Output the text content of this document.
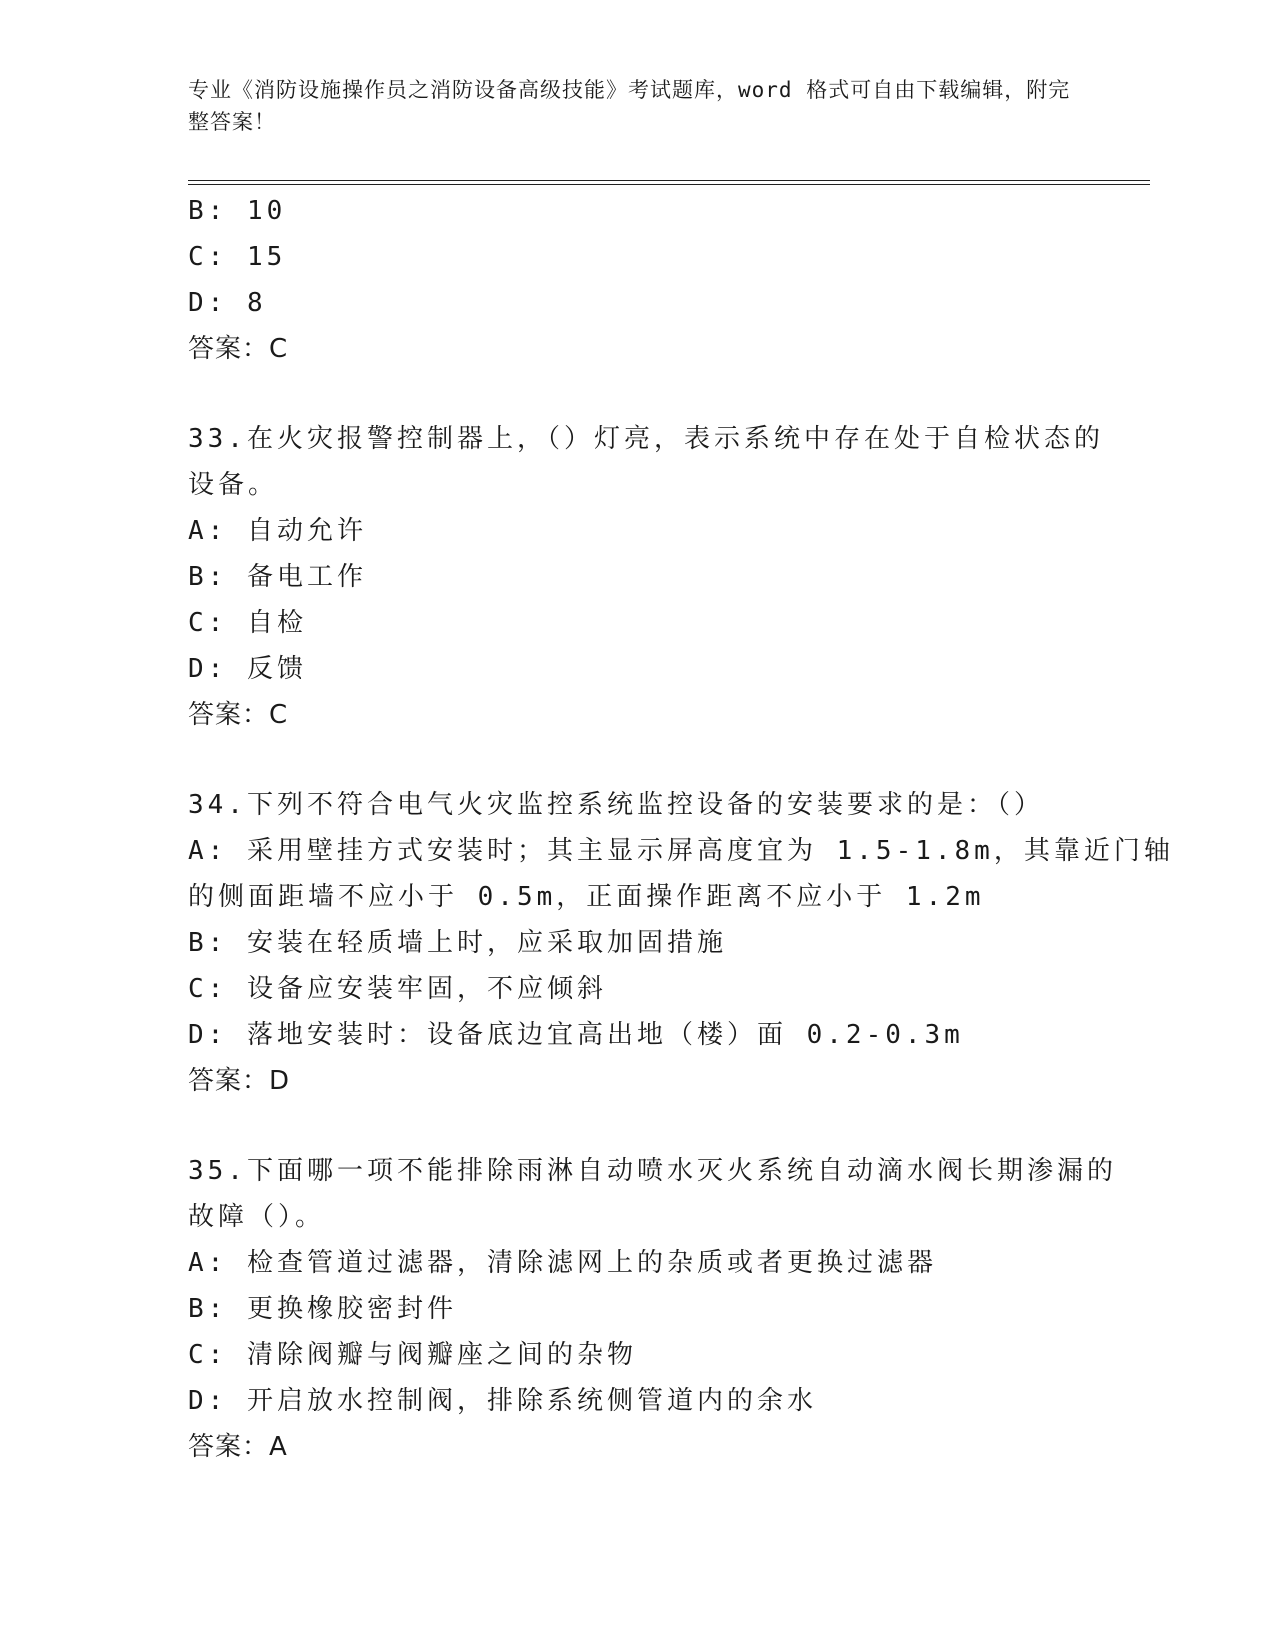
专业《消防设施操作员之消防设备高级技能》考试题库，word 格式可自由下载编辑，附完整答案！
B: 10
C: 15
D: 8
答案：C
33.在火灾报警控制器上，（）灯亮，表示系统中存在处于自检状态的
设备。
A: 自动允许
B: 备电工作
C: 自检
D: 反馈
答案：C
34.下列不符合电气火灾监控系统监控设备的安装要求的是：（）
A: 采用壁挂方式安装时；其主显示屏高度宜为 1.5-1.8m，其靠近门轴
的侧面距墙不应小于 0.5m，正面操作距离不应小于 1.2m
B: 安装在轻质墙上时，应采取加固措施
C: 设备应安装牢固，不应倾斜
D: 落地安装时：设备底边宜高出地（楼）面 0.2-0.3m
答案：D
35.下面哪一项不能排除雨淋自动喷水灭火系统自动滴水阀长期渗漏的
故障（）。
A: 检查管道过滤器，清除滤网上的杂质或者更换过滤器
B: 更换橡胶密封件
C: 清除阀瓣与阀瓣座之间的杂物
D: 开启放水控制阀，排除系统侧管道内的余水
答案：A
